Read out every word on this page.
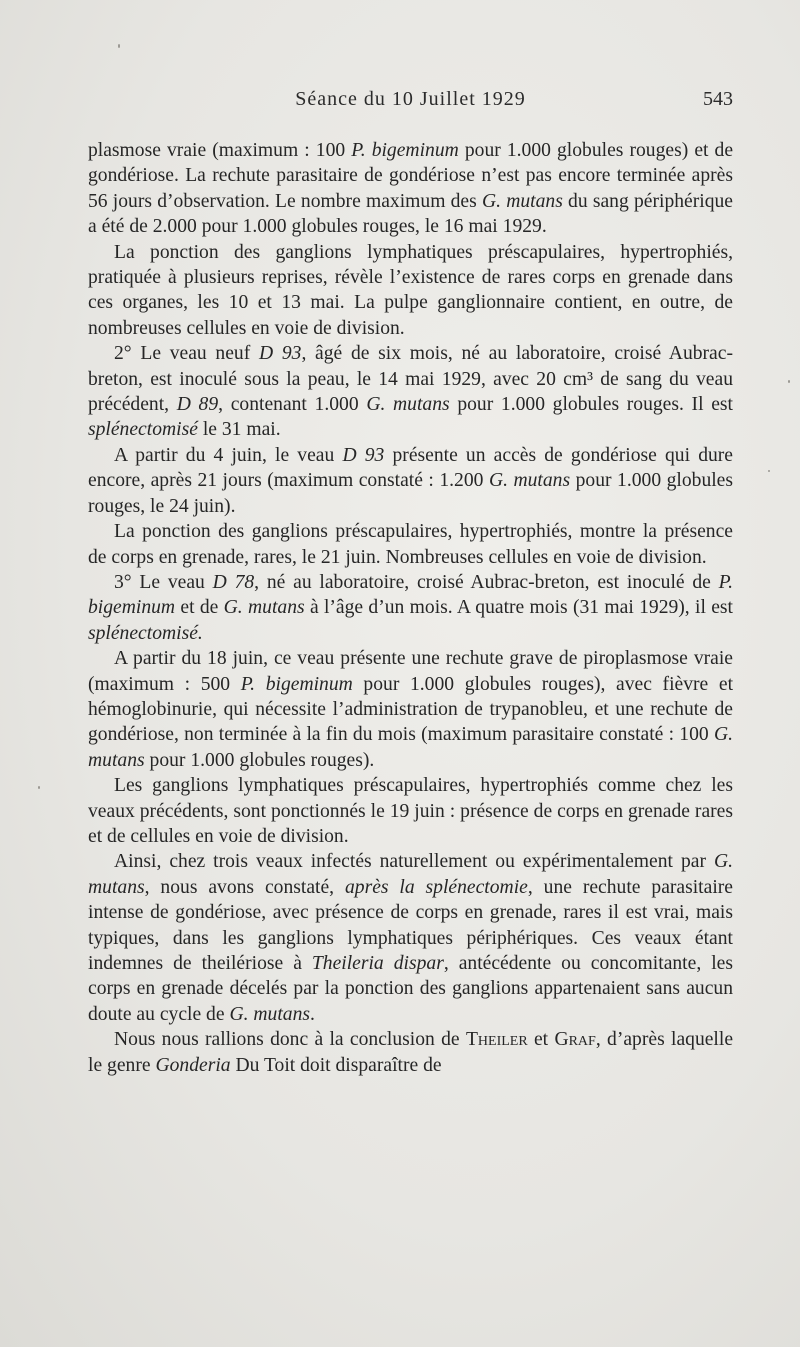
Séance du 10 Juillet 1929	543

plasmose vraie (maximum : 100 P. bigeminum pour 1.000 globules rouges) et de gondériose. La rechute parasitaire de gondériose n’est pas encore terminée après 56 jours d’observation. Le nombre maximum des G. mutans du sang périphérique a été de 2.000 pour 1.000 globules rouges, le 16 mai 1929.

La ponction des ganglions lymphatiques préscapulaires, hypertrophiés, pratiquée à plusieurs reprises, révèle l’existence de rares corps en grenade dans ces organes, les 10 et 13 mai. La pulpe ganglionnaire contient, en outre, de nombreuses cellules en voie de division.

2° Le veau neuf D 93, âgé de six mois, né au laboratoire, croisé Aubrac-breton, est inoculé sous la peau, le 14 mai 1929, avec 20 cm³ de sang du veau précédent, D 89, contenant 1.000 G. mutans pour 1.000 globules rouges. Il est splénectomisé le 31 mai.

A partir du 4 juin, le veau D 93 présente un accès de gondériose qui dure encore, après 21 jours (maximum constaté : 1.200 G. mutans pour 1.000 globules rouges, le 24 juin).

La ponction des ganglions préscapulaires, hypertrophiés, montre la présence de corps en grenade, rares, le 21 juin. Nombreuses cellules en voie de division.

3° Le veau D 78, né au laboratoire, croisé Aubrac-breton, est inoculé de P. bigeminum et de G. mutans à l’âge d’un mois. A quatre mois (31 mai 1929), il est splénectomisé.

A partir du 18 juin, ce veau présente une rechute grave de piroplasmose vraie (maximum : 500 P. bigeminum pour 1.000 globules rouges), avec fièvre et hémoglobinurie, qui nécessite l’administration de trypanobleu, et une rechute de gondériose, non terminée à la fin du mois (maximum parasitaire constaté : 100 G. mutans pour 1.000 globules rouges).

Les ganglions lymphatiques préscapulaires, hypertrophiés comme chez les veaux précédents, sont ponctionnés le 19 juin : présence de corps en grenade rares et de cellules en voie de division.

Ainsi, chez trois veaux infectés naturellement ou expérimentalement par G. mutans, nous avons constaté, après la splénectomie, une rechute parasitaire intense de gondériose, avec présence de corps en grenade, rares il est vrai, mais typiques, dans les ganglions lymphatiques périphériques. Ces veaux étant indemnes de theilériose à Theileria dispar, antécédente ou concomitante, les corps en grenade décelés par la ponction des ganglions appartenaient sans aucun doute au cycle de G. mutans.

Nous nous rallions donc à la conclusion de Theiler et Graf, d’après laquelle le genre Gonderia Du Toit doit disparaître de
